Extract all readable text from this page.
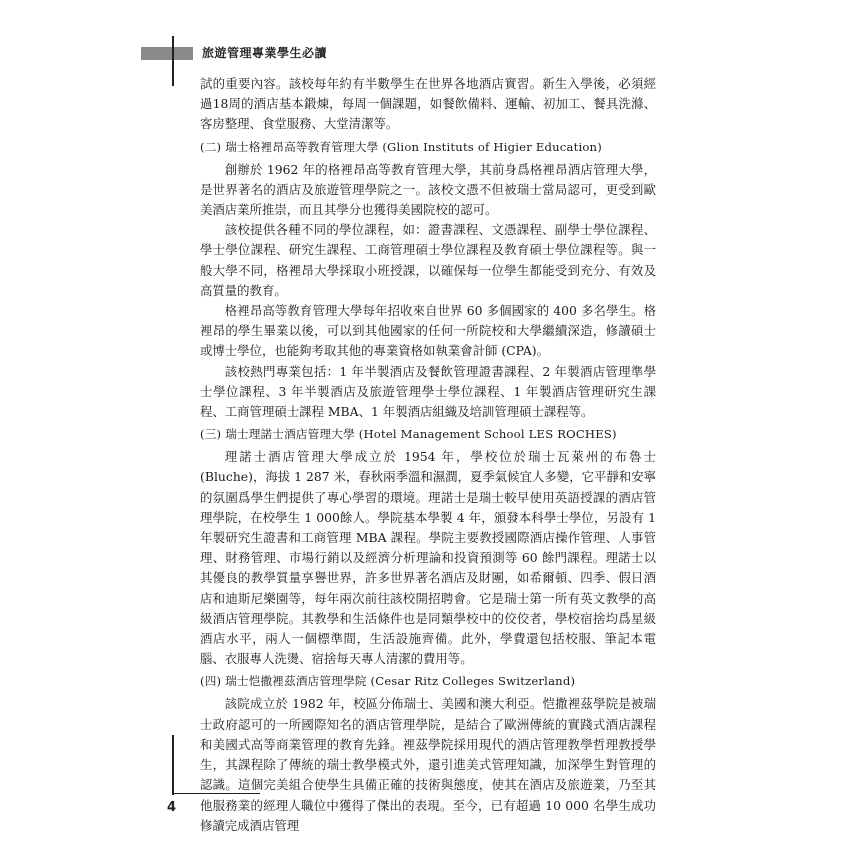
旅遊管理專業學生必讀

試的重要內容。該校每年約有半數學生在世界各地酒店實習。新生入學後，必須經過18周的酒店基本鍛煉，每周一個課題，如餐飲備料、運輸、初加工、餐具洗滌、客房整理、食堂服務、大堂清潔等。

(二) 瑞士格裡昂高等教育管理大學 (Glion Instituts of Higier Education)

創辦於 1962 年的格裡昂高等教育管理大學，其前身爲格裡昂酒店管理大學，是世界著名的酒店及旅遊管理學院之一。該校文憑不但被瑞士當局認可，更受到歐美酒店業所推崇，而且其學分也獲得美國院校的認可。

該校提供各種不同的學位課程，如：證書課程、文憑課程、副學士學位課程、學士學位課程、研究生課程、工商管理碩士學位課程及教育碩士學位課程等。與一般大學不同，格裡昂大學採取小班授課，以確保每一位學生都能受到充分、有效及高質量的教育。

格裡昂高等教育管理大學每年招收來自世界 60 多個國家的 400 多名學生。格裡昂的學生畢業以後，可以到其他國家的任何一所院校和大學繼續深造，修讀碩士或博士學位，也能夠考取其他的專業資格如執業會計師 (CPA)。

該校熱門專業包括：1 年半製酒店及餐飲管理證書課程、2 年製酒店管理準學士學位課程、3 年半製酒店及旅遊管理學士學位課程、1 年製酒店管理研究生課程、工商管理碩士課程 MBA、1 年製酒店組織及培訓管理碩士課程等。

(三) 瑞士理諾士酒店管理大學 (Hotel Management School LES ROCHES)

理諾士酒店管理大學成立於 1954 年，學校位於瑞士瓦萊州的布魯士 (Bluche)，海拔 1 287 米，春秋兩季溫和濕潤，夏季氣候宜人多變，它平靜和安寧的氛圍爲學生們提供了專心學習的環境。理諾士是瑞士較早使用英語授課的酒店管理學院，在校學生 1 000餘人。學院基本學製 4 年，頒發本科學士學位，另設有 1 年製研究生證書和工商管理 MBA 課程。學院主要教授國際酒店操作管理、人事管理、財務管理、市場行銷以及經濟分析理論和投資預測等 60 餘門課程。理諾士以其優良的教學質量享譽世界，許多世界著名酒店及財團，如希爾頓、四季、假日酒店和迪斯尼樂園等，每年兩次前往該校開招聘會。它是瑞士第一所有英文教學的高級酒店管理學院。其教學和生活條件也是同類學校中的佼佼者，學校宿捨均爲星級酒店水平，兩人一個標準間，生活設施齊備。此外，學費還包括校服、筆記本電腦、衣服專人洗燙、宿捨每天專人清潔的費用等。

(四) 瑞士恺撒裡茲酒店管理學院 (Cesar Ritz Colleges Switzerland)

該院成立於 1982 年，校區分佈瑞士、美國和澳大利亞。恺撒裡茲學院是被瑞士政府認可的一所國際知名的酒店管理學院，是結合了歐洲傳統的實踐式酒店課程和美國式高等商業管理的教育先鋒。裡茲學院採用現代的酒店管理教學哲理教授學生，其課程除了傳統的瑞士教學模式外，還引進美式管理知識，加深學生對管理的認識。這個完美組合使學生具備正確的技術與態度，使其在酒店及旅遊業，乃至其他服務業的經理人職位中獲得了傑出的表現。至今，已有超過 10 000 名學生成功修讀完成酒店管理

4
